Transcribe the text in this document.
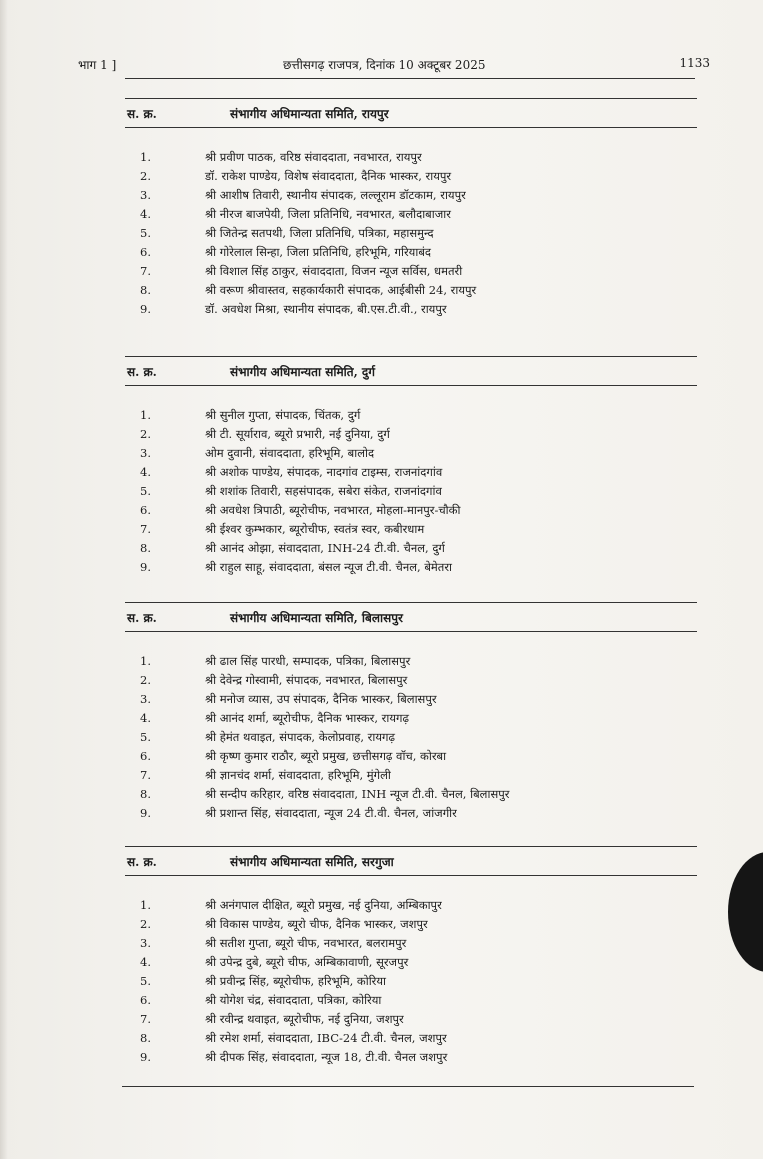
भाग 1 ]	छत्तीसगढ़ राजपत्र, दिनांक 10 अक्टूबर 2025	1133
स. क्र.	संभागीय अधिमान्यता समिति, रायपुर
1.	श्री प्रवीण पाठक, वरिष्ठ संवाददाता, नवभारत, रायपुर
2.	डॉ. राकेश पाण्डेय, विशेष संवाददाता, दैनिक भास्कर, रायपुर
3.	श्री आशीष तिवारी, स्थानीय संपादक, लल्लूराम डॉटकाम, रायपुर
4.	श्री नीरज बाजपेयी, जिला प्रतिनिधि, नवभारत, बलौदाबाजार
5.	श्री जितेन्द्र सतपथी, जिला प्रतिनिधि, पत्रिका, महासमुन्द
6.	श्री गोरेलाल सिन्हा, जिला प्रतिनिधि, हरिभूमि, गरियाबंद
7.	श्री विशाल सिंह ठाकुर, संवाददाता, विजन न्यूज सर्विस, धमतरी
8.	श्री वरूण श्रीवास्तव, सहकार्यकारी संपादक, आईबीसी 24, रायपुर
9.	डॉ. अवधेश मिश्रा, स्थानीय संपादक, बी.एस.टी.वी., रायपुर
स. क्र.	संभागीय अधिमान्यता समिति, दुर्ग
1.	श्री सुनील गुप्ता, संपादक, चिंतक, दुर्ग
2.	श्री टी. सूर्याराव, ब्यूरो प्रभारी, नई दुनिया, दुर्ग
3.	ओम दुवानी, संवाददाता, हरिभूमि, बालोद
4.	श्री अशोक पाण्डेय, संपादक, नादगांव टाइम्स, राजनांदगांव
5.	श्री शशांक तिवारी, सहसंपादक, सबेरा संकेत, राजनांदगांव
6.	श्री अवधेश त्रिपाठी, ब्यूरोचीफ, नवभारत, मोहला-मानपुर-चौकी
7.	श्री ईश्वर कुम्भकार, ब्यूरोचीफ, स्वतंत्र स्वर, कबीरधाम
8.	श्री आनंद ओझा, संवाददाता, INH-24 टी.वी. चैनल, दुर्ग
9.	श्री राहुल साहू, संवाददाता, बंसल न्यूज टी.वी. चैनल, बेमेतरा
स. क्र.	संभागीय अधिमान्यता समिति, बिलासपुर
1.	श्री ढाल सिंह पारधी, सम्पादक, पत्रिका, बिलासपुर
2.	श्री देवेन्द्र गोस्वामी, संपादक, नवभारत, बिलासपुर
3.	श्री मनोज व्यास, उप संपादक, दैनिक भास्कर, बिलासपुर
4.	श्री आनंद शर्मा, ब्यूरोचीफ, दैनिक भास्कर, रायगढ़
5.	श्री हेमंत थवाइत, संपादक, केलोप्रवाह, रायगढ़
6.	श्री कृष्ण कुमार राठौर, ब्यूरो प्रमुख, छत्तीसगढ़ वॉच, कोरबा
7.	श्री ज्ञानचंद शर्मा, संवाददाता, हरिभूमि, मुंगेली
8.	श्री सन्दीप करिहार, वरिष्ठ संवाददाता, INH न्यूज टी.वी. चैनल, बिलासपुर
9.	श्री प्रशान्त सिंह, संवाददाता, न्यूज 24 टी.वी. चैनल, जांजगीर
स. क्र.	संभागीय अधिमान्यता समिति, सरगुजा
1.	श्री अनंगपाल दीक्षित, ब्यूरो प्रमुख, नई दुनिया, अम्बिकापुर
2.	श्री विकास पाण्डेय, ब्यूरो चीफ, दैनिक भास्कर, जशपुर
3.	श्री सतीश गुप्ता, ब्यूरो चीफ, नवभारत, बलरामपुर
4.	श्री उपेन्द्र दुबे, ब्यूरो चीफ, अम्बिकावाणी, सूरजपुर
5.	श्री प्रवीन्द्र सिंह, ब्यूरोचीफ, हरिभूमि, कोरिया
6.	श्री योगेश चंद्र, संवाददाता, पत्रिका, कोरिया
7.	श्री रवीन्द्र थवाइत, ब्यूरोचीफ, नई दुनिया, जशपुर
8.	श्री रमेश शर्मा, संवाददाता, IBC-24 टी.वी. चैनल, जशपुर
9.	श्री दीपक सिंह, संवाददाता, न्यूज 18, टी.वी. चैनल जशपुर
